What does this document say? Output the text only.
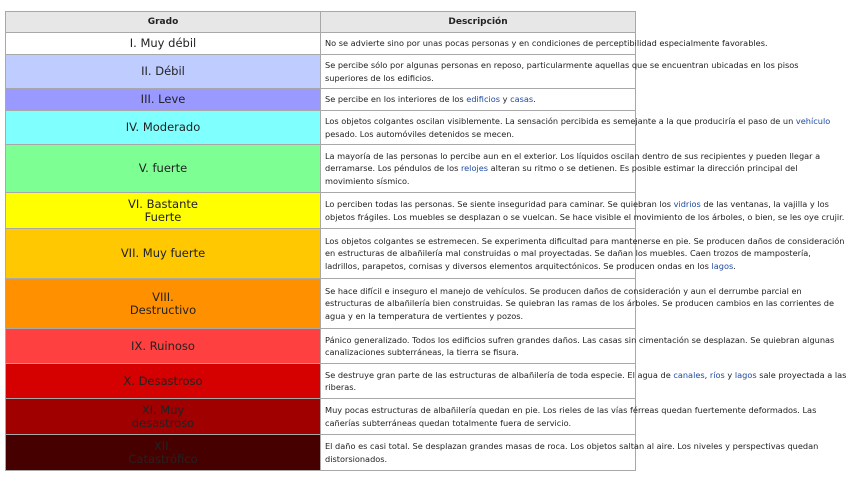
Grado	Descripción
I. Muy débil	No se advierte sino por unas pocas personas y en condiciones de perceptibilidad especialmente favorables.

II. Débil	Se percibe sólo por algunas personas en reposo, particularmente aquellas que se encuentran ubicadas en los pisos
superiores de los edificios.

III. Leve	Se percibe en los interiores de los edificios y casas.

IV. Moderado	Los objetos colgantes oscilan visiblemente. La sensación percibida es semejante a la que produciría el paso de un vehículo
pesado. Los automóviles detenidos se mecen.

V. fuerte	La mayoría de las personas lo percibe aun en el exterior. Los líquidos oscilan dentro de sus recipientes y pueden llegar a
derramarse. Los péndulos de los relojes alteran su ritmo o se detienen. Es posible estimar la dirección principal del
movimiento sísmico.

VI. Bastante
Fuerte	Lo perciben todas las personas. Se siente inseguridad para caminar. Se quiebran los vidrios de las ventanas, la vajilla y los
objetos frágiles. Los muebles se desplazan o se vuelcan. Se hace visible el movimiento de los árboles, o bien, se les oye crujir.

VII. Muy fuerte	Los objetos colgantes se estremecen. Se experimenta dificultad para mantenerse en pie. Se producen daños de consideración
en estructuras de albañilería mal construidas o mal proyectadas. Se dañan los muebles. Caen trozos de mampostería,
ladrillos, parapetos, cornisas y diversos elementos arquitectónicos. Se producen ondas en los lagos.

VIII.
Destructivo	Se hace difícil e inseguro el manejo de vehículos. Se producen daños de consideración y aun el derrumbe parcial en
estructuras de albañilería bien construidas. Se quiebran las ramas de los árboles. Se producen cambios en las corrientes de
agua y en la temperatura de vertientes y pozos.

IX. Ruinoso	Pánico generalizado. Todos los edificios sufren grandes daños. Las casas sin cimentación se desplazan. Se quiebran algunas
canalizaciones subterráneas, la tierra se fisura.

X. Desastroso	Se destruye gran parte de las estructuras de albañilería de toda especie. El agua de canales, ríos y lagos sale proyectada a las
riberas.

XI. Muy
desastroso	Muy pocas estructuras de albañilería quedan en pie. Los rieles de las vías férreas quedan fuertemente deformados. Las
cañerías subterráneas quedan totalmente fuera de servicio.

XII.
Catastrófico	El daño es casi total. Se desplazan grandes masas de roca. Los objetos saltan al aire. Los niveles y perspectivas quedan
distorsionados.
